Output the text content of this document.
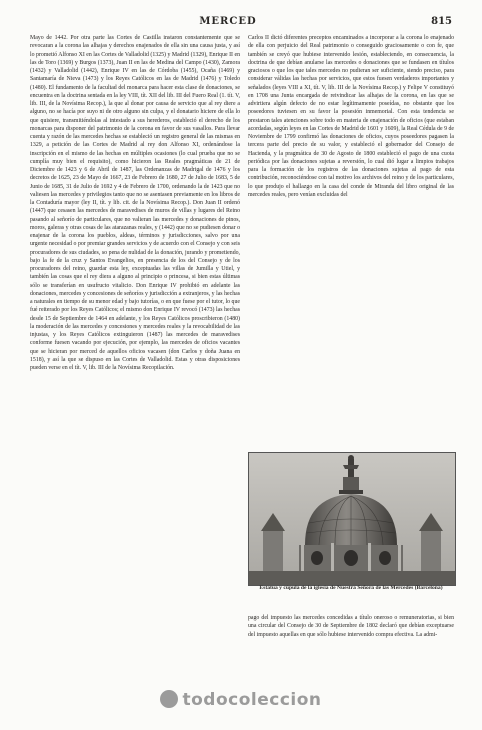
MERCED	815

Mayo de 1442. Por otra parte las Cortes de Castilla instaron constantemente que se revocaran a la corona las alhajas y derechos enajenados de ella sin una causa justa, y así lo prometió Alfonso XI en las Cortes de Valladolid (1325) y Madrid (1329), Enrique II en las de Toro (1369) y Burgos (1373), Juan II en las de Medina del Campo (1430), Zamora (1432) y Valladolid (1442), Enrique IV en las de Córdoba (1455), Ocaña (1469) y Santamaría de Nieva (1473) y los Reyes Católicos en las de Madrid (1476) y Toledo (1480). El fundamento de la facultad del monarca para hacer esta clase de donaciones, se encuentra en la doctrina sentada en la ley VIII, tít. XII del lib. III del Fuero Real (1. tít. V, lib. III, de la Novísima Recop.), la que al donar por causa de servicio que al rey diere a alguno, no se hacía por suyo ni de otro alguno sin culpa, y el donatario hiciere de ella lo que quisiere, transmitiéndolas al intestado a sus herederos, estableció el derecho de los monarcas para disponer del patrimonio de la corona en favor de sus vasallos. Para llevar cuenta y razón de las mercedes hechas se estableció un registro general de las mismas en 1329, a petición de las Cortes de Madrid al rey don Alfonso XI, ordenándose la inscripción en el mismo de las hechas en múltiples ocasiones (lo cual prueba que no se cumplía muy bien el requisito), como hicieron las Reales pragmáticas de 21 de Diciembre de 1423 y 6 de Abril de 1487, las Ordenanzas de Madrigal de 1476 y los decretos de 1625, 23 de Mayo de 1667, 23 de Febrero de 1680, 27 de Julio de 1683, 5 de Junio de 1685, 31 de Julio de 1692 y 4 de Febrero de 1700, ordenando la de 1423 que no valiesen las mercedes y privilegios tanto que no se asentasen previamente en los libros de la Contaduría mayor (ley II, tít. y lib. cit. de la Novísima Recop.). Don Juan II ordenó (1447) que cesasen las mercedes de maravedises de muros de villas y lugares del Reino pasando al señorío de particulares, que no valieran las mercedes y donaciones de pinos, moros, galeras y otras cosas de las atarazanas reales, y (1442) que no se pudiesen donar o enajenar de la corona los pueblos, aldeas, términos y jurisdicciones, salvo por una urgente necesidad o por premiar grandes servicios y de acuerdo con el Consejo y con seis procuradores de sus ciudades, so pena de nulidad de la donación, jurando y prometiendo, bajo la fe de la cruz y Santos Evangelios, en presencia de los del Consejo y de los procuradores del reino, guardar esta ley, exceptuadas las villas de Jumilla y Utiel, y también las cosas que el rey diera a alguno al principio o princesa, si bien estas últimas sólo se transferían en usufructo vitalicio. Don Enrique IV prohibió en adelante las donaciones, mercedes y concesiones de señoríos y jurisdicción a extranjeros, y las hechas a naturales en tiempo de su menor edad y bajo tutorías, o en que fuese por el tutor, lo que fué reiterado por los Reyes Católicos; el mismo don Enrique IV revocó (1473) las hechas desde 15 de Septiembre de 1464 en adelante, y los Reyes Católicos proscribieron (1480) la moderación de las mercedes y concesiones y mercedes reales y la revocabilidad de las injustas, y los Reyes Católicos extinguieron (1487) las mercedes de maravedises conforme fuesen vacando por ejecución, por ejemplo, las mercedes de oficios vacantes que se hicieran por merced de aquellos oficios vacasen (don Carlos y doña Juana en 1518), y así la que se dispuso en las Cortes de Valladolid. Estas y otras disposiciones pueden verse en el tít. V, lib. III de la Novísima Recopilación.

Carlos II dictó diferentes preceptos encaminados a incorporar a la corona lo enajenado de ella con perjuicio del Real patrimonio o conseguido graciosamente o con fe, que también se creyó que hubiese intervenido lesión, estableciendo, en consecuencia, la doctrina de que debían anularse las mercedes o donaciones que se fundasen en títulos graciosos o que los que tales mercedes no pudieran ser suficiente, siendo preciso, para considerar válidas las hechas por servicios, que estos fuesen verdaderos importantes y señalados (leyes VIII a XI, tít. V, lib. III de la Novísima Recop.) y Felipe V constituyó en 1708 una Junta encargada de reivindicar las alhajas de la corona, en las que se advirtiera algún defecto de no estar legítimamente poseídas, no obstante que los poseedores tuviesen en su favor la posesión inmemorial. Con esta tendencia se prestaron tales atenciones sobre todo en materia de enajenación de oficios (que estaban acordadas, según leyes en las Cortes de Madrid de 1601 y 1609), la Real Cédula de 9 de Noviembre de 1799 confirmó las donaciones de oficios, cuyos poseedores pagasen la tercera parte del precio de su valor, y estableció el gobernador del Consejo de Hacienda, y la pragmática de 30 de Agosto de 1800 estableció el pago de una cuota periódica por las donaciones sujetas a reversión, lo cual dió lugar a limpios trabajos para la formación de los registros de las donaciones sujetas al pago de esta contribución, reconociéndose con tal motivo los archivos del reino y de los particulares, lo que produjo el hallazgo en la casa del conde de Miranda del libro original de las mercedes reales, pero venían excluidas del

Estatua y cúpula de la iglesia de Nuestra Señora de las Mercedes (Barcelona)

pago del impuesto las mercedes concedidas a título oneroso o remuneratorias, si bien una circular del Consejo de 30 de Septiembre de 1802 declaró que debían exceptuarse del impuesto aquellas en que sólo hubiese intervenido compra efectiva. La admi-

todocoleccion
